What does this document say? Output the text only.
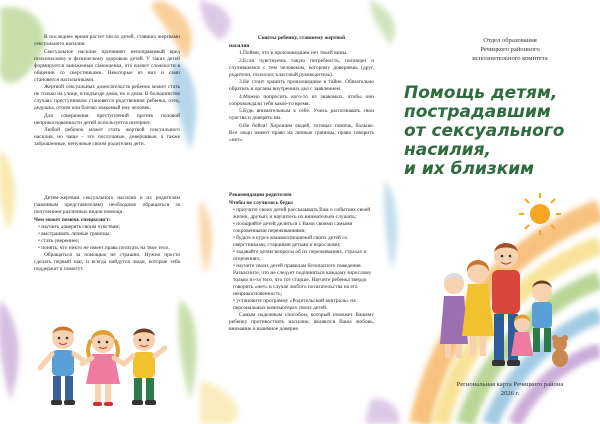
В последнее время растет число детей, ставших жертвами сексуального насилия.

Сексуальное насилие причиняет непоправимый вред психическому и физическому здоровью детей. У таких детей формируется заниженная самооценка, что влечет сложности в общении со сверстниками. Некоторые из них и сами становятся насильниками.

Жертвой сексуальных домогательств ребенок может стать не только на улице, в подъезде дома, но и дома. В большинстве случаях преступником становятся родственник ребенка, отец, дедушка, отчим или близко знакомый ему человек.

Для совершения преступлений против половой неприкосновенности детей используется интернет.

Любой ребенок может стать жертвой сексуального насилия, но чаще – это послушные, доверчивые, а также заброшенные, ненужные своим родителям дети.

Детям-жертвам сексуального насилия и их родителям (законным представителям) необходимо обращаться за получением различных видов помощи.

Чем может помочь специалист:

• научить доверять своим чувствам;
• выстраивать личные границы;
• стать увереннее;
• понять, что никто не имеет права посягать на твое тело.

Обращаться за помощью не страшно. Нужно просто сделать первый шаг, и всегда найдутся люди, которые тебя поддержат и помогут.

Советы ребенку, ставшему жертвой

насилия

1.Пойми, что в произошедшем нет твоей вины.

2.Если чувствуешь такую потребность, поговори и случившемся с тем человеком, которому доверяешь (друг, родители, психолог, классный руководитель).

3.Не стоит хранить произошедшее в тайне. Обязательно обратись в органы внутренних дел с заявлением.

4.Можно попросить кого-то из знакомых, чтобы они сопровождали тебя какое-то время.

5.Будь внимательным к себе. Учись распознавать свои чувства и доверять им.

6.Не бойся! Хорошим людей, готовых помочь, больше. Все люди имеют право на личные границы, право говорить «нет».

Рекомендации родителям

Чтобы не случилось беды:

• приучите своих детей рассказывать Вам о событиях своей жизни, друзьях и научитесь их внимательно слушать;
• поощряйте детей делиться с Вами своими самыми сокровенными переживаниями;
• будьте в курсе взаимоотношений своих детей со сверстниками, старшими детьми и взрослыми;
• задавайте детям вопросы об их переживаниях, страхах и огорчениях;
• научите своих детей правилам безопасного поведения. Разъясните, что не следует подчиняться каждому взрослому только из-за того, что тот старше. Научите ребенка твердо говорить «нет» в случае любого посягательства на его неприкосновенность;
• установите программу «Родительский контроль» на персональных компьютерах своих детей.

Самым надежным способом, который поможет Вашему ребенку противостоять насилию, являются Ваша любовь, внимание и взаимное доверие.

Отдел образования
Речицкого районного
исполнительного комитета
Помощь детям,
пострадавшим
от сексуального
насилия,
и их близким
Региональная карта Речицкого района
2026 г.
